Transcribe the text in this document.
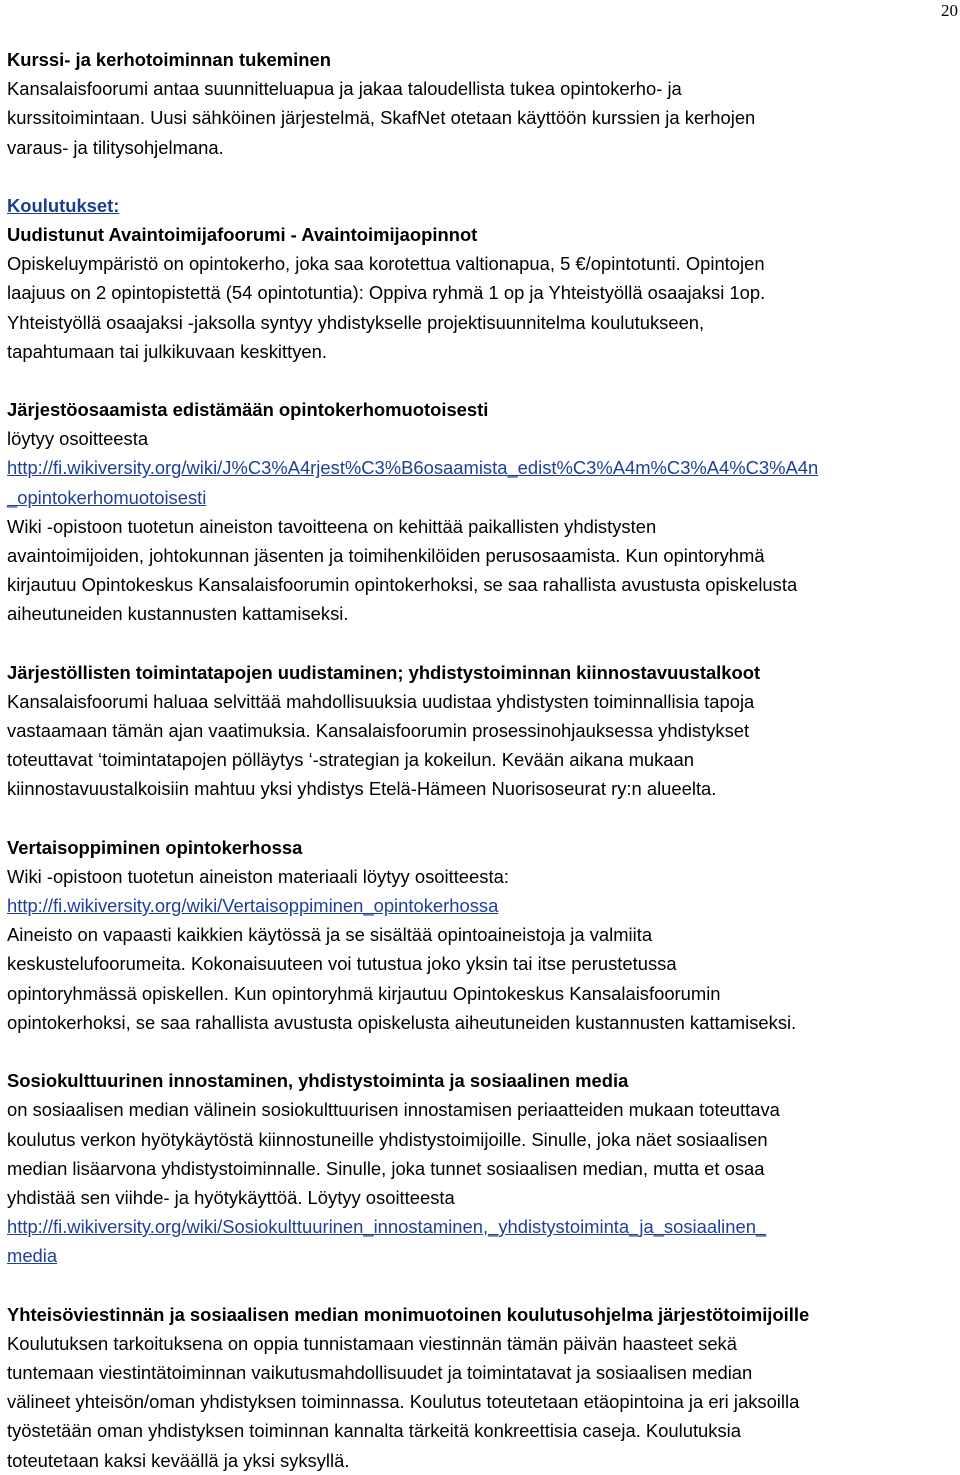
20
Kurssi- ja kerhotoiminnan tukeminen
Kansalaisfoorumi antaa suunnitteluapua ja jakaa taloudellista tukea opintokerho- ja
kurssitoimintaan. Uusi sähköinen järjestelmä, SkafNet otetaan käyttöön kurssien ja kerhojen
varaus- ja tilitysohjelmana.
Koulutukset:
Uudistunut Avaintoimijafoorumi - Avaintoimijaopinnot
Opiskeluympäristö on opintokerho, joka saa korotettua valtionapua, 5 €/opintotunti. Opintojen
laajuus on 2 opintopistettä (54 opintotuntia): Oppiva ryhmä 1 op ja Yhteistyöllä osaajaksi 1op.
Yhteistyöllä osaajaksi -jaksolla syntyy yhdistykselle projektisuunnitelma koulutukseen,
tapahtumaan tai julkikuvaan keskittyen.
Järjestöosaamista edistämään opintokerhomuotoisesti
löytyy osoitteesta
http://fi.wikiversity.org/wiki/J%C3%A4rjest%C3%B6osaamista_edist%C3%A4m%C3%A4%C3%A4n
_opintokerhomuotoisesti
Wiki -opistoon tuotetun aineiston tavoitteena on kehittää paikallisten yhdistysten
avaintoimijoiden, johtokunnan jäsenten ja toimihenkilöiden perusosaamista. Kun opintoryhmä
kirjautuu Opintokeskus Kansalaisfoorumin opintokerhoksi, se saa rahallista avustusta opiskelusta
aiheutuneiden kustannusten kattamiseksi.
Järjestöllisten toimintatapojen uudistaminen; yhdistystoiminnan kiinnostavuustalkoot
Kansalaisfoorumi haluaa selvittää mahdollisuuksia uudistaa yhdistysten toiminnallisia tapoja
vastaamaan tämän ajan vaatimuksia. Kansalaisfoorumin prosessinohjauksessa yhdistykset
toteuttavat ‘toimintatapojen pölläytys ‘-strategian ja kokeilun. Kevään aikana mukaan
kiinnostavuustalkoisiin mahtuu yksi yhdistys Etelä-Hämeen Nuorisoseurat ry:n alueelta.
Vertaisoppiminen opintokerhossa
Wiki -opistoon tuotetun aineiston materiaali löytyy osoitteesta:
http://fi.wikiversity.org/wiki/Vertaisoppiminen_opintokerhossa
Aineisto on vapaasti kaikkien käytössä ja se sisältää opintoaineistoja ja valmiita
keskustelufoorumeita. Kokonaisuuteen voi tutustua joko yksin tai itse perustetussa
opintoryhmässä opiskellen. Kun opintoryhmä kirjautuu Opintokeskus Kansalaisfoorumin
opintokerhoksi, se saa rahallista avustusta opiskelusta aiheutuneiden kustannusten kattamiseksi.
Sosiokulttuurinen innostaminen, yhdistystoiminta ja sosiaalinen media
on sosiaalisen median välinein sosiokulttuurisen innostamisen periaatteiden mukaan toteuttava
koulutus verkon hyötykäytöstä kiinnostuneille yhdistystoimijoille. Sinulle, joka näet sosiaalisen
median lisäarvona yhdistystoiminnalle. Sinulle, joka tunnet sosiaalisen median, mutta et osaa
yhdistää sen viihde- ja hyötykäyttöä. Löytyy osoitteesta
http://fi.wikiversity.org/wiki/Sosiokulttuurinen_innostaminen,_yhdistystoiminta_ja_sosiaalinen_
media
Yhteisöviestinnän ja sosiaalisen median monimuotoinen koulutusohjelma järjestötoimijoille
Koulutuksen tarkoituksena on oppia tunnistamaan viestinnän tämän päivän haasteet sekä
tuntemaan viestintätoiminnan vaikutusmahdollisuudet ja toimintatavat ja sosiaalisen median
välineet yhteisön/oman yhdistyksen toiminnassa. Koulutus toteutetaan etäopintoina ja eri jaksoilla
työstetään oman yhdistyksen toiminnan kannalta tärkeitä konkreettisia caseja. Koulutuksia
toteutetaan kaksi keväällä ja yksi syksyllä.
